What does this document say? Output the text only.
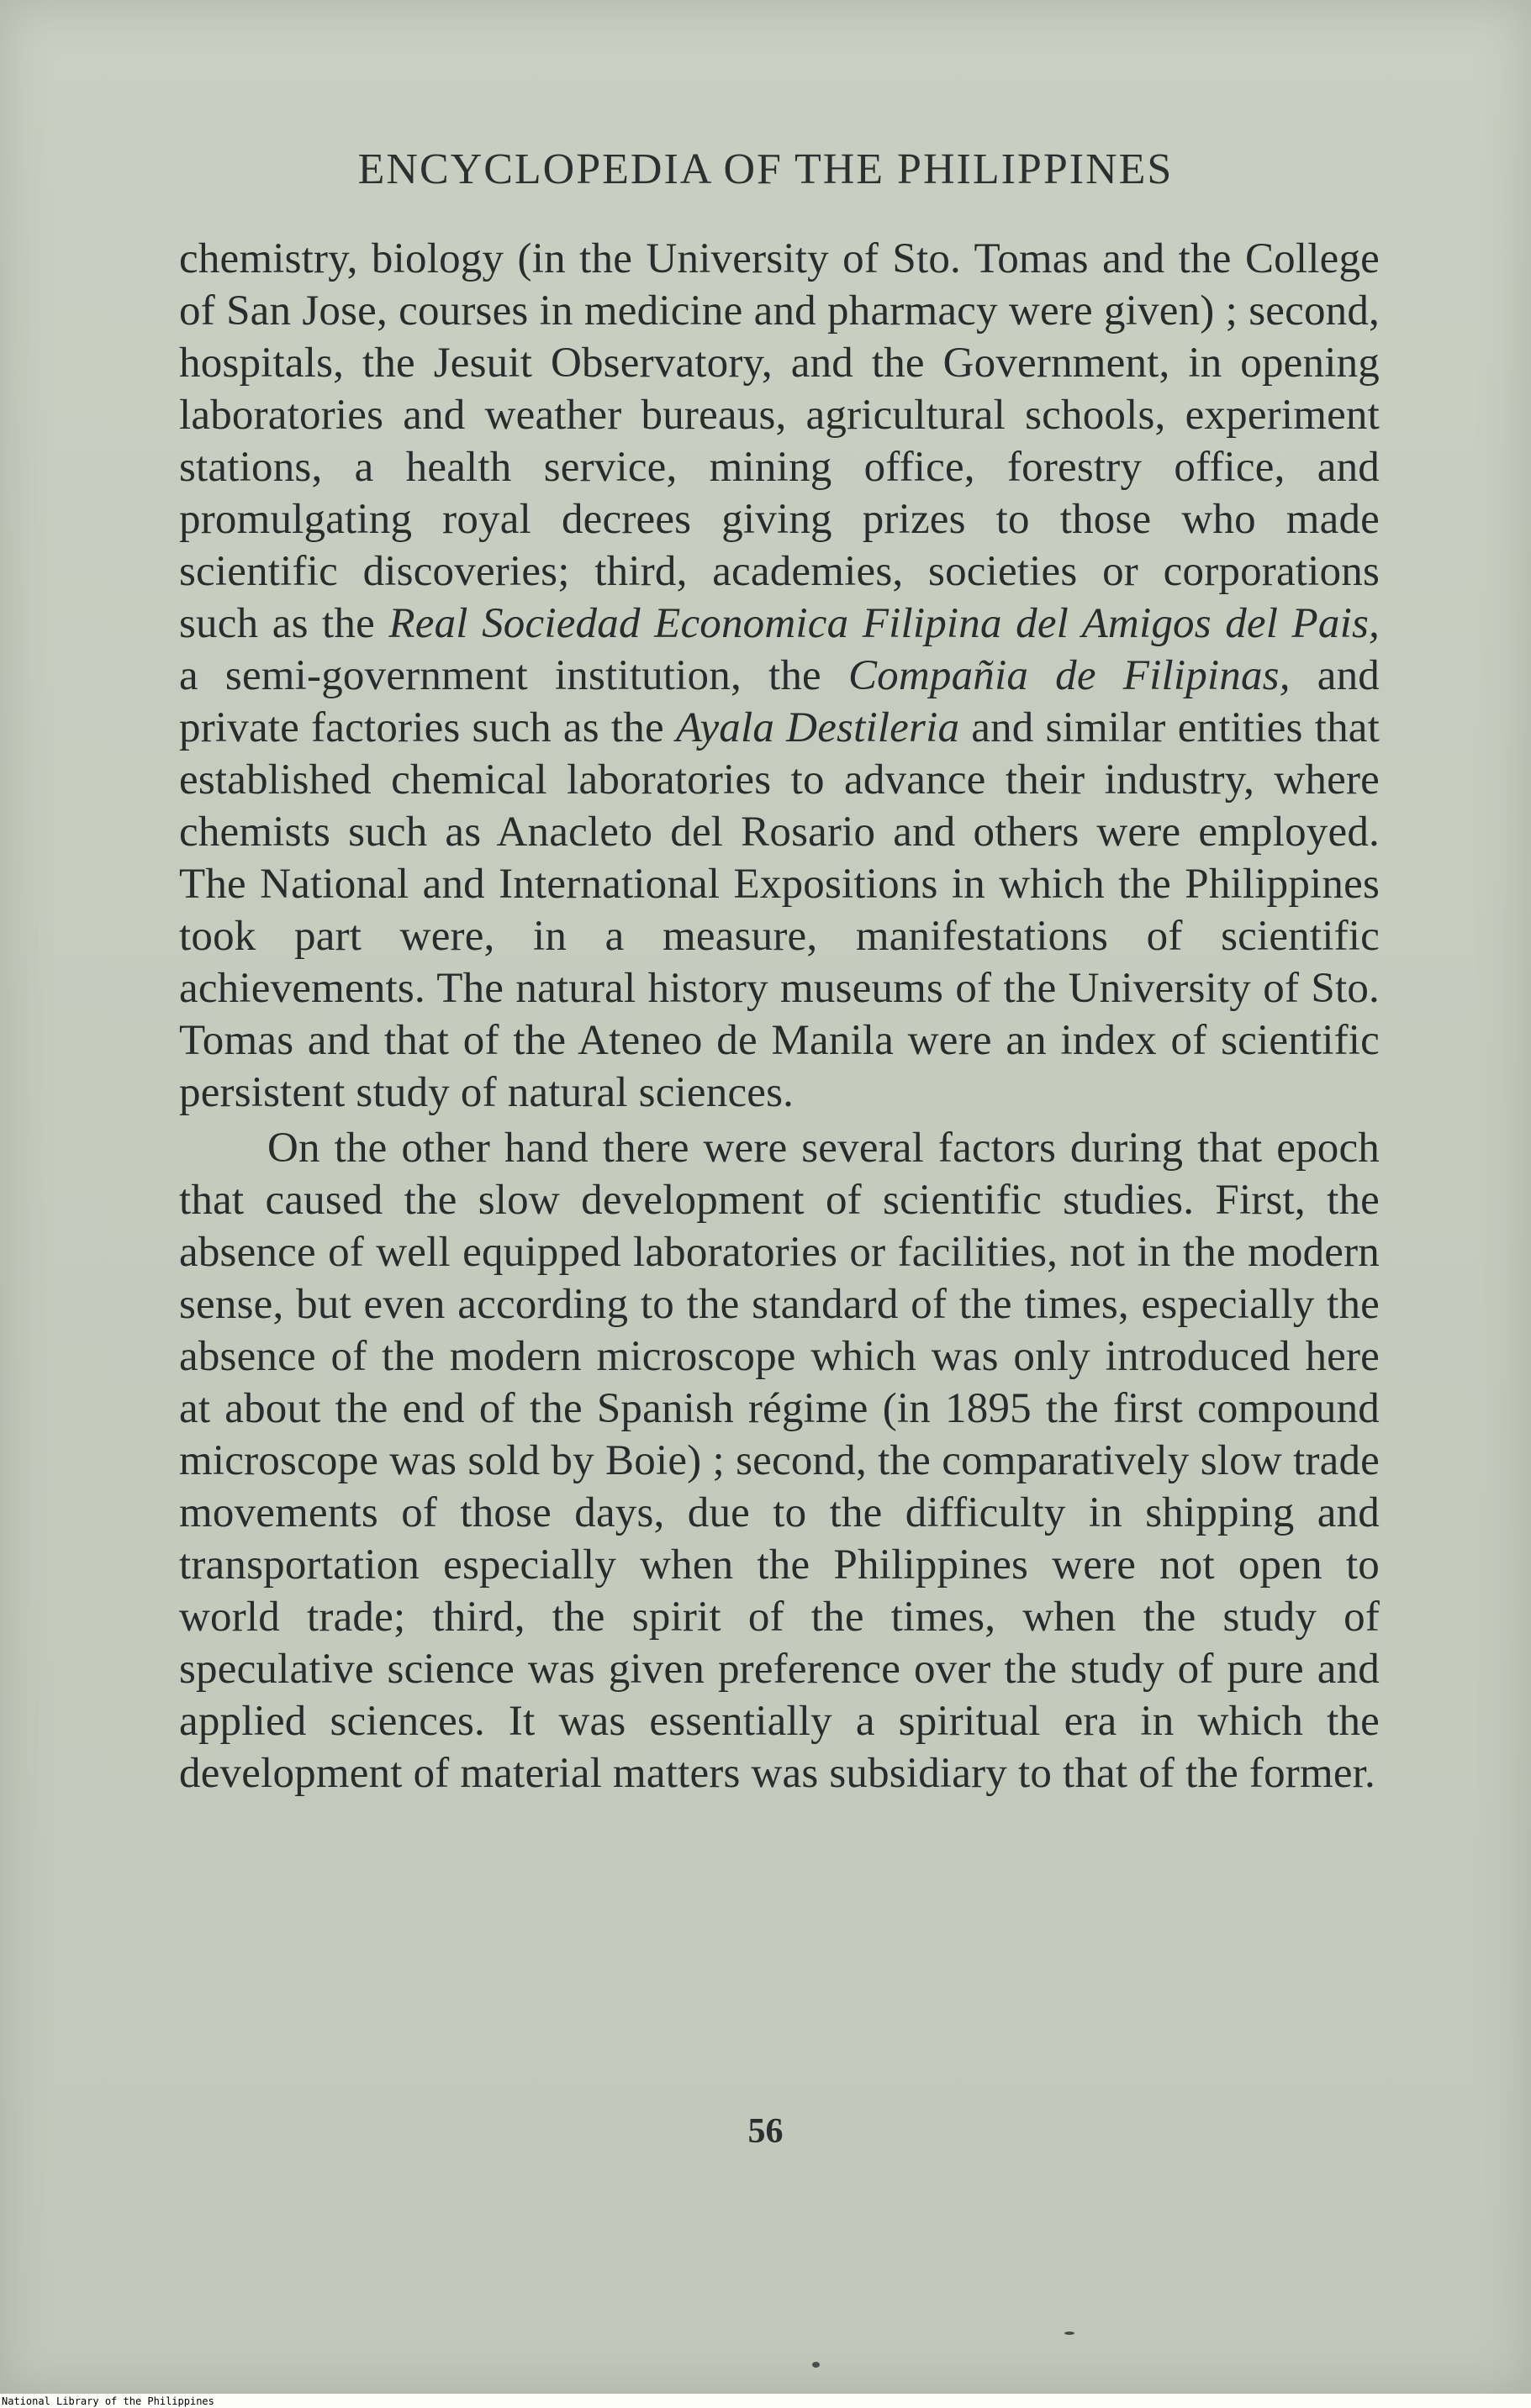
ENCYCLOPEDIA OF THE PHILIPPINES

chemistry, biology (in the University of Sto. Tomas and the College of San Jose, courses in medicine and pharmacy were given) ; second, hospitals, the Jesuit Observatory, and the Government, in opening laboratories and weather bureaus, agricultural schools, experiment stations, a health service, mining office, forestry office, and promulgating royal decrees giving prizes to those who made scientific discoveries; third, academies, societies or corporations such as the Real Sociedad Economica Filipina del Amigos del Pais, a semi-government institution, the Compañia de Filipinas, and private factories such as the Ayala Destileria and similar entities that established chemical laboratories to advance their industry, where chemists such as Anacleto del Rosario and others were employed. The National and International Expositions in which the Philippines took part were, in a measure, manifestations of scientific achievements. The natural history museums of the University of Sto. Tomas and that of the Ateneo de Manila were an index of scientific persistent study of natural sciences.

On the other hand there were several factors during that epoch that caused the slow development of scientific studies. First, the absence of well equipped laboratories or facilities, not in the modern sense, but even according to the standard of the times, especially the absence of the modern microscope which was only introduced here at about the end of the Spanish régime (in 1895 the first compound microscope was sold by Boie) ; second, the comparatively slow trade movements of those days, due to the difficulty in shipping and transportation especially when the Philippines were not open to world trade; third, the spirit of the times, when the study of speculative science was given preference over the study of pure and applied sciences. It was essentially a spiritual era in which the development of material matters was subsidiary to that of the former.

56
National Library of the Philippines
